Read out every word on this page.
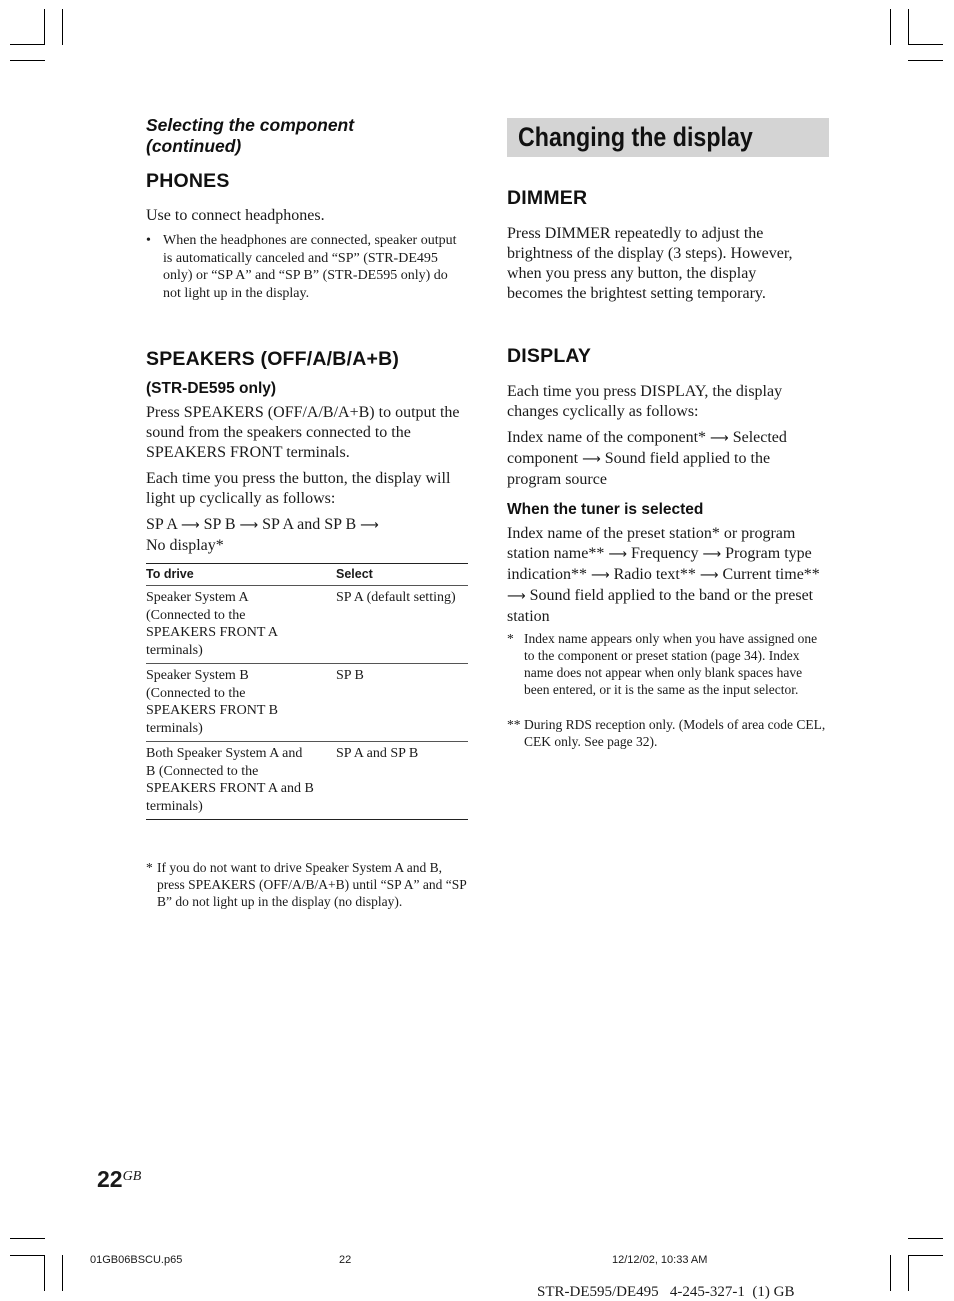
Selecting the component
(continued)
PHONES
Use to connect headphones.
• When the headphones are connected, speaker output is automatically canceled and “SP” (STR-DE495 only) or “SP A” and “SP B” (STR-DE595 only) do not light up in the display.
SPEAKERS (OFF/A/B/A+B)
(STR-DE595 only)
Press SPEAKERS (OFF/A/B/A+B) to output the sound from the speakers connected to the SPEAKERS FRONT terminals.
Each time you press the button, the display will light up cyclically as follows:
SP A ⟶ SP B ⟶ SP A and SP B ⟶
No display*
To drive	Select
Speaker System A (Connected to the SPEAKERS FRONT A terminals)	SP A (default setting)
Speaker System B (Connected to the SPEAKERS FRONT B terminals)	SP B
Both Speaker System A and B (Connected to the SPEAKERS FRONT A and B terminals)	SP A and SP B
* If you do not want to drive Speaker System A and B, press SPEAKERS (OFF/A/B/A+B) until “SP A” and “SP B” do not light up in the display (no display).
Changing the display
DIMMER
Press DIMMER repeatedly to adjust the brightness of the display (3 steps). However, when you press any button, the display becomes the brightest setting temporary.
DISPLAY
Each time you press DISPLAY, the display changes cyclically as follows:
Index name of the component* ⟶ Selected component ⟶ Sound field applied to the program source
When the tuner is selected
Index name of the preset station* or program station name** ⟶ Frequency ⟶ Program type indication** ⟶ Radio text** ⟶ Current time** ⟶ Sound field applied to the band or the preset station
* Index name appears only when you have assigned one to the component or preset station (page 34). Index name does not appear when only blank spaces have been entered, or it is the same as the input selector.
** During RDS reception only. (Models of area code CEL, CEK only. See page 32).
22GB
01GB06BSCU.p65	22	12/12/02, 10:33 AM
STR-DE595/DE495   4-245-327-1  (1) GB
